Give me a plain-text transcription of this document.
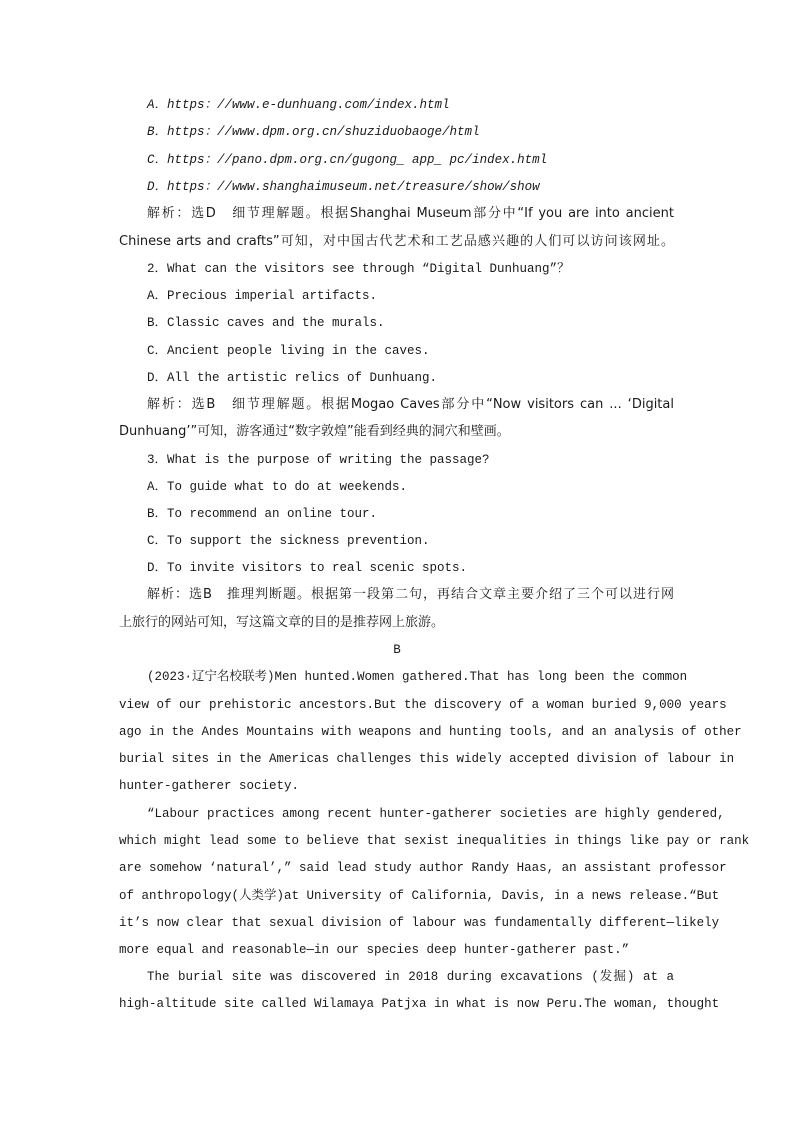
A．https：//www.e-dunhuang.com/index.html
B．https：//www.dpm.org.cn/shuziduobaoge/html
C．https：//pano.dpm.org.cn/gugong_ app_ pc/index.html
D．https：//www.shanghaimuseum.net/treasure/show/show
解析：选D　细节理解题。根据Shanghai Museum部分中“If you are into ancient
Chinese arts and crafts”可知，对中国古代艺术和工艺品感兴趣的人们可以访问该网址。
2．What can the visitors see through “Digital Dunhuang”？
A．Precious imperial artifacts.
B．Classic caves and the murals.
C．Ancient people living in the caves.
D．All the artistic relics of Dunhuang.
解析：选B　细节理解题。根据Mogao Caves部分中“Now visitors can ... ‘Digital
Dunhuang’”可知，游客通过“数字敦煌”能看到经典的洞穴和壁画。
3．What is the purpose of writing the passage?
A．To guide what to do at weekends.
B．To recommend an online tour.
C．To support the sickness prevention.
D．To invite visitors to real scenic spots.
解析：选B　推理判断题。根据第一段第二句，再结合文章主要介绍了三个可以进行网
上旅行的网站可知，写这篇文章的目的是推荐网上旅游。
B
(2023·辽宁名校联考)Men hunted.Women gathered.That has long been the common
view of our prehistoric ancestors.But the discovery of a woman buried 9,000 years
ago in the Andes Mountains with weapons and hunting tools, and an analysis of other
burial sites in the Americas challenges this widely accepted division of labour in
hunter-gatherer society.
“Labour practices among recent hunter-gatherer societies are highly gendered,
which might lead some to believe that sexist inequalities in things like pay or rank
are somehow ‘natural’,” said lead study author Randy Haas, an assistant professor
of anthropology(人类学)at University of California, Davis, in a news release.“But
it’s now clear that sexual division of labour was fundamentally different—likely
more equal and reasonable—in our species deep hunter-gatherer past.”
The burial site was discovered in 2018 during excavations (发掘) at a
high-altitude site called Wilamaya Patjxa in what is now Peru.The woman, thought
